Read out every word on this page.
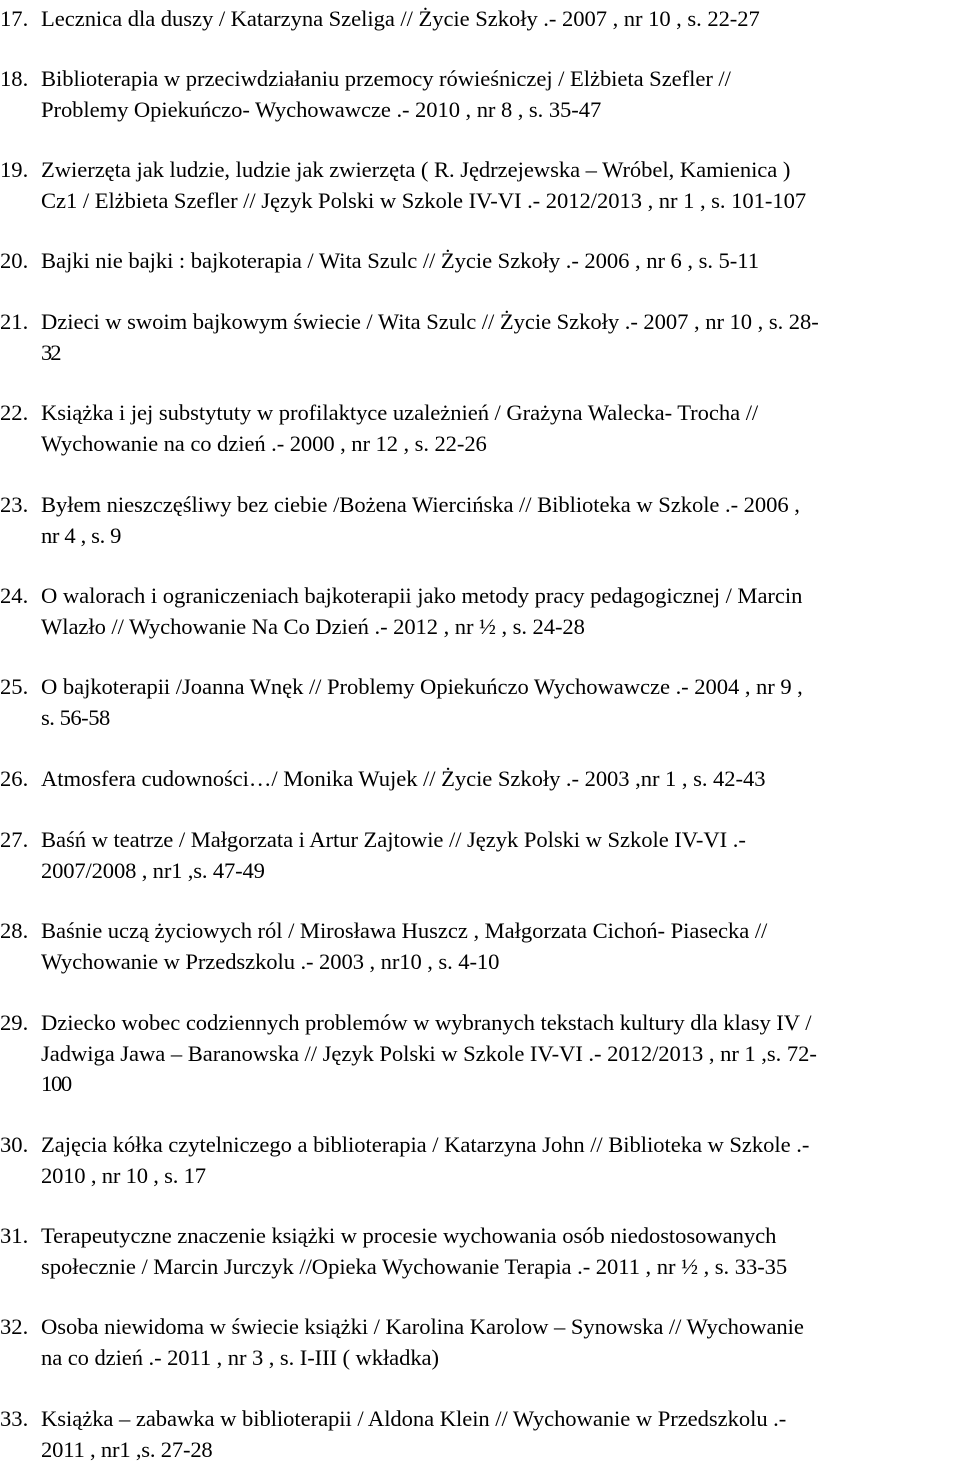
17. Lecznica dla duszy / Katarzyna Szeliga // Życie Szkoły .- 2007 , nr 10 , s. 22-27
18. Biblioterapia w przeciwdziałaniu przemocy rówieśniczej / Elżbieta Szefler //
Problemy Opiekuńczo- Wychowawcze .- 2010 , nr 8 , s. 35-47
19. Zwierzęta jak ludzie, ludzie jak zwierzęta ( R. Jędrzejewska – Wróbel, Kamienica )
Cz1 / Elżbieta Szefler // Język Polski w Szkole IV-VI .- 2012/2013 , nr 1 , s. 101-107
20. Bajki nie bajki : bajkoterapia / Wita Szulc // Życie Szkoły .- 2006 , nr 6 , s. 5-11
21. Dzieci w swoim bajkowym świecie / Wita Szulc // Życie Szkoły .- 2007 , nr 10 , s. 28-
32
22. Książka i jej substytuty w profilaktyce uzależnień / Grażyna Walecka- Trocha //
Wychowanie na co dzień .- 2000 , nr 12 , s. 22-26
23. Byłem nieszczęśliwy bez ciebie /Bożena Wiercińska // Biblioteka w Szkole .- 2006 ,
nr 4 , s. 9
24. O walorach i ograniczeniach bajkoterapii jako metody pracy pedagogicznej / Marcin
Wlazło // Wychowanie Na Co Dzień .- 2012 , nr ½ , s. 24-28
25. O bajkoterapii /Joanna Wnęk // Problemy Opiekuńczo Wychowawcze .- 2004 , nr 9 ,
s. 56-58
26. Atmosfera cudowności…/ Monika Wujek // Życie Szkoły .- 2003 ,nr 1 , s. 42-43
27. Baśń w teatrze / Małgorzata i Artur Zajtowie // Język Polski w Szkole IV-VI .-
2007/2008 , nr1 ,s. 47-49
28. Baśnie uczą życiowych ról / Mirosława Huszcz , Małgorzata Cichoń- Piasecka //
Wychowanie w Przedszkolu .- 2003 , nr10 , s. 4-10
29. Dziecko wobec codziennych problemów w wybranych tekstach kultury dla klasy IV /
Jadwiga Jawa – Baranowska // Język Polski w Szkole IV-VI .- 2012/2013 , nr 1 ,s. 72-
100
30. Zajęcia kółka czytelniczego a biblioterapia / Katarzyna John // Biblioteka w Szkole .-
2010 , nr 10 , s. 17
31. Terapeutyczne znaczenie książki w procesie wychowania osób niedostosowanych
społecznie / Marcin Jurczyk //Opieka Wychowanie Terapia .- 2011 , nr ½ , s. 33-35
32. Osoba niewidoma w świecie książki / Karolina Karolow – Synowska // Wychowanie
na co dzień .- 2011 , nr 3 , s. I-III ( wkładka)
33. Książka – zabawka w biblioterapii / Aldona Klein // Wychowanie w Przedszkolu .-
2011 , nr1 ,s. 27-28
